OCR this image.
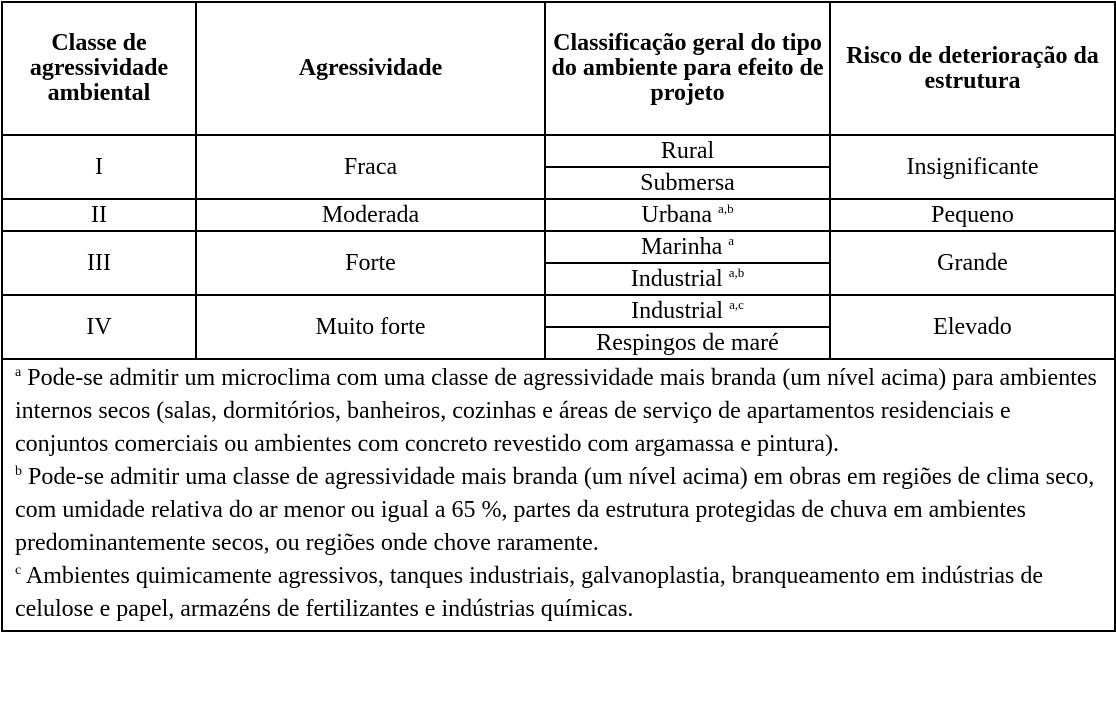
Classe de agressividade ambiental	Agressividade	Classificação geral do tipo do ambiente para efeito de projeto	Risco de deterioração da estrutura
I	Fraca	Rural	Insignificante
		Submersa	
II	Moderada	Urbana $^{a,b}$	Pequeno
III	Forte	Marinha $^a$	Grande
		Industrial $^{a,b}$
IV	Muito forte	Industrial $^{a,c}$	Elevado
		Respingos de maré	

$^a$ Pode-se admitir um microclima com uma classe de agressividade mais branda (um nível acima) para ambientes internos secos (salas, dormitórios, banheiros, cozinhas e áreas de serviço de apartamentos residenciais e conjuntos comerciais ou ambientes com concreto revestido com argamassa e pintura).
$^b$ Pode-se admitir uma classe de agressividade mais branda (um nível acima) em obras em regiões de clima seco, com umidade relativa do ar menor ou igual a 65 %, partes da estrutura protegidas de chuva em ambientes predominantemente secos, ou regiões onde chove raramente.
$^c$ Ambientes quimicamente agressivos, tanques industriais, galvanoplastia, branqueamento em indústrias de celulose e papel, armazéns de fertilizantes e indústrias químicas.			
